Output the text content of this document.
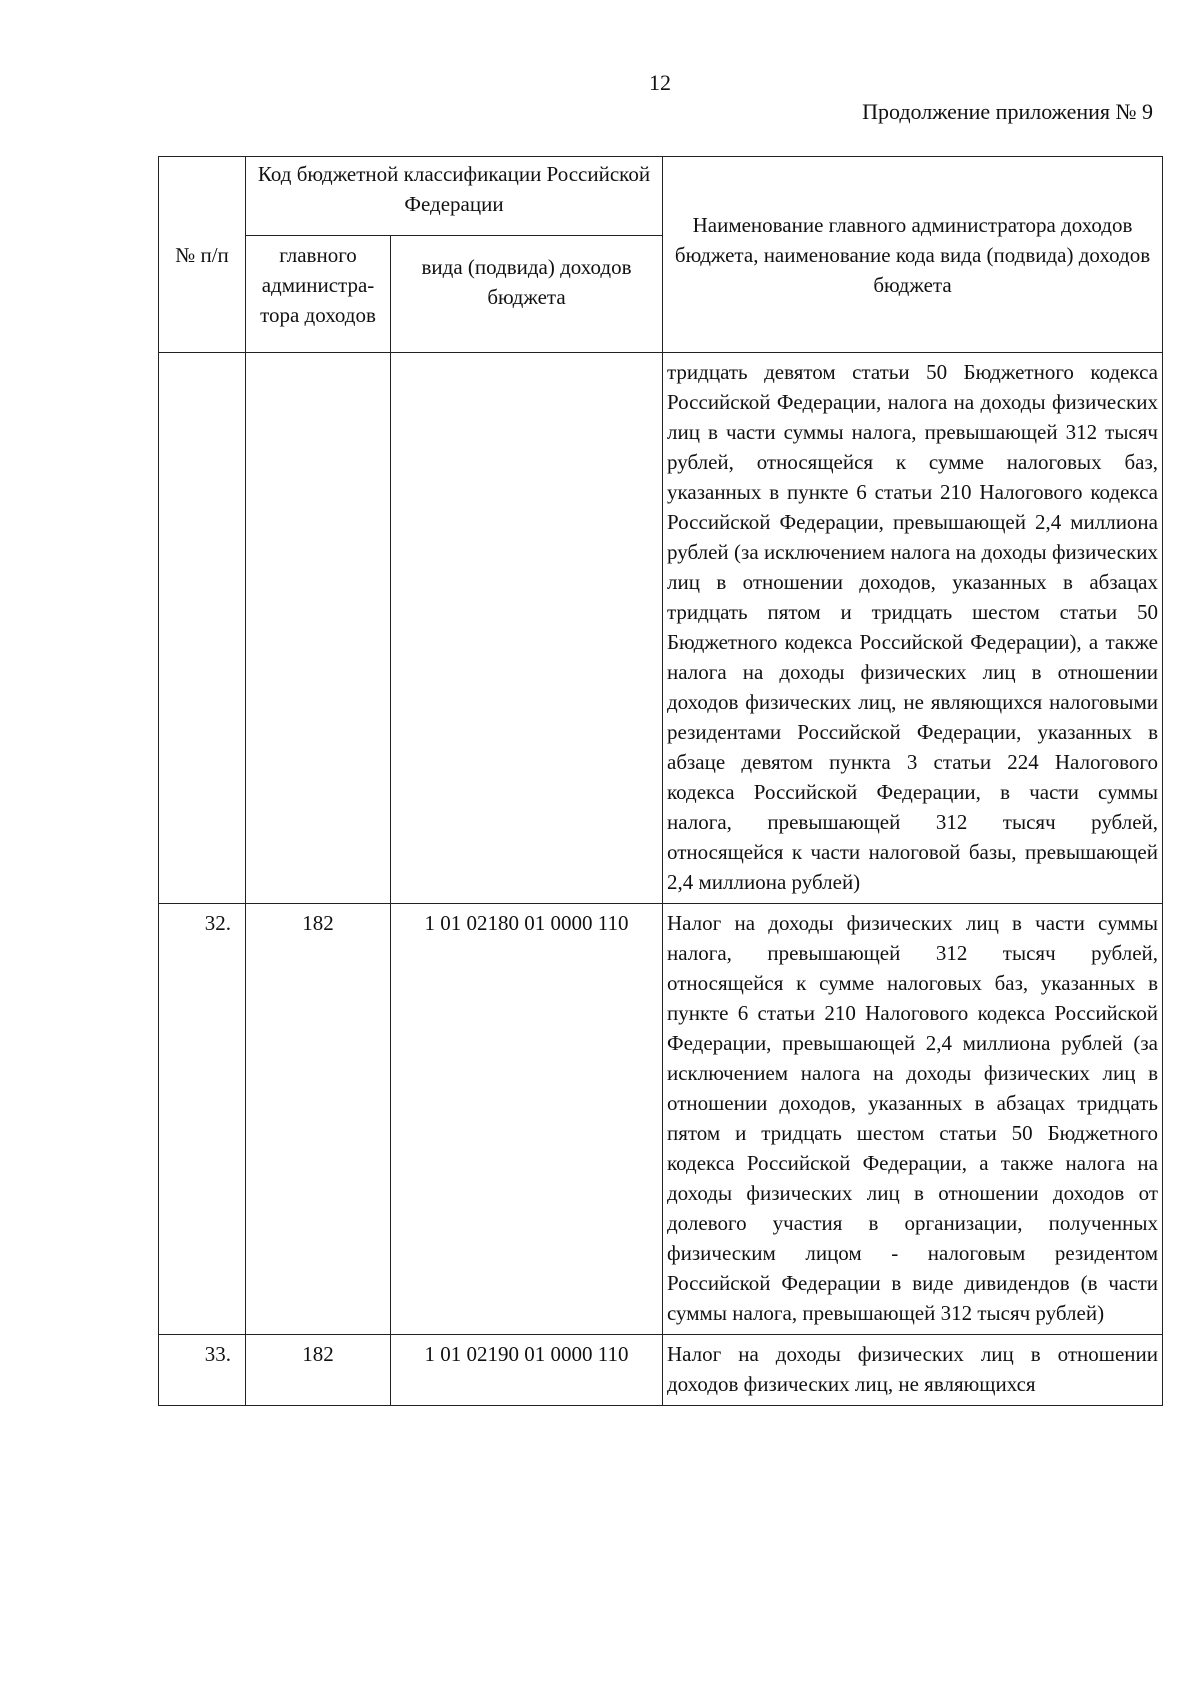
12
Продолжение приложения № 9
№ п/п	Код бюджетной классификации Российской Федерации		Наименование главного администратора доходов бюджета, наименование кода вида (подвида) доходов бюджета
	главного администра-тора доходов	вида (подвида) доходов бюджета	
			тридцать девятом статьи 50 Бюджетного кодекса Российской Федерации, налога на доходы физических лиц в части суммы налога, превышающей 312 тысяч рублей, относящейся к сумме налоговых баз, указанных в пункте 6 статьи 210 Налогового кодекса Российской Федерации, превышающей 2,4 миллиона рублей (за исключением налога на доходы физических лиц в отношении доходов, указанных в абзацах тридцать пятом и тридцать шестом статьи 50 Бюджетного кодекса Российской Федерации), а также налога на доходы физических лиц в отношении доходов физических лиц, не являющихся налоговыми резидентами Российской Федерации, указанных в абзаце девятом пункта 3 статьи 224 Налогового кодекса Российской Федерации, в части суммы налога, превышающей 312 тысяч рублей, относящейся к части налоговой базы, превышающей 2,4 миллиона рублей)
32.	182	1 01 02180 01 0000 110	Налог на доходы физических лиц в части суммы налога, превышающей 312 тысяч рублей, относящейся к сумме налоговых баз, указанных в пункте 6 статьи 210 Налогового кодекса Российской Федерации, превышающей 2,4 миллиона рублей (за исключением налога на доходы физических лиц в отношении доходов, указанных в абзацах тридцать пятом и тридцать шестом статьи 50 Бюджетного кодекса Российской Федерации, а также налога на доходы физических лиц в отношении доходов от долевого участия в организации, полученных физическим лицом - налоговым резидентом Российской Федерации в виде дивидендов (в части суммы налога, превышающей 312 тысяч рублей)
33.	182	1 01 02190 01 0000 110	Налог на доходы физических лиц в отношении доходов физических лиц, не являющихся
